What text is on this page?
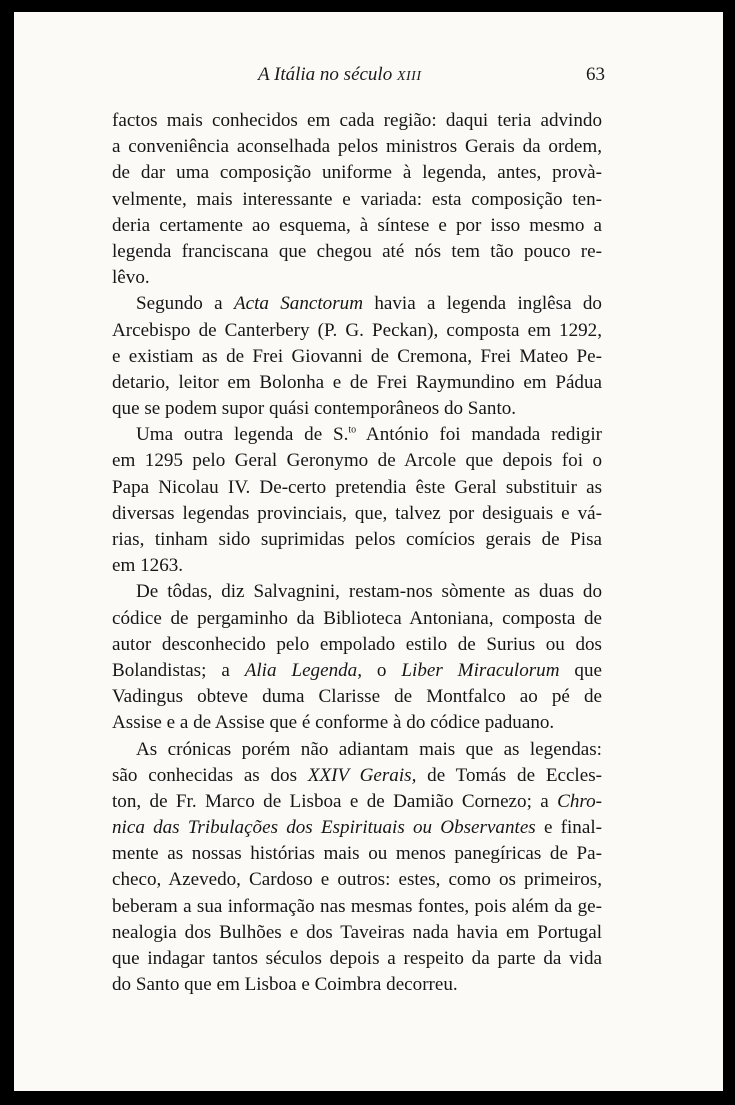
A Itália no século XIII	63
factos mais conhecidos em cada região: daqui teria advindo
a conveniência aconselhada pelos ministros Gerais da ordem,
de dar uma composição uniforme à legenda, antes, provà-
velmente, mais interessante e variada: esta composição ten-
deria certamente ao esquema, à síntese e por isso mesmo a
legenda franciscana que chegou até nós tem tão pouco re-
lêvo.
Segundo a Acta Sanctorum havia a legenda inglêsa do
Arcebispo de Canterbery (P. G. Peckan), composta em 1292,
e existiam as de Frei Giovanni de Cremona, Frei Mateo Pe-
detario, leitor em Bolonha e de Frei Raymundino em Pádua
que se podem supor quási contemporâneos do Santo.
Uma outra legenda de S.$^{to}$ António foi mandada redigir
em 1295 pelo Geral Geronymo de Arcole que depois foi o
Papa Nicolau IV. De-certo pretendia êste Geral substituir as
diversas legendas provinciais, que, talvez por desiguais e vá-
rias, tinham sido suprimidas pelos comícios gerais de Pisa
em 1263.
De tôdas, diz Salvagnini, restam-nos sòmente as duas do
códice de pergaminho da Biblioteca Antoniana, composta de
autor desconhecido pelo empolado estilo de Surius ou dos
Bolandistas; a Alia Legenda, o Liber Miraculorum que
Vadingus obteve duma Clarisse de Montfalco ao pé de
Assise e a de Assise que é conforme à do códice paduano.
As crónicas porém não adiantam mais que as legendas:
são conhecidas as dos XXIV Gerais, de Tomás de Eccles-
ton, de Fr. Marco de Lisboa e de Damião Cornezo; a Chro-
nica das Tribulações dos Espirituais ou Observantes e final-
mente as nossas histórias mais ou menos panegíricas de Pa-
checo, Azevedo, Cardoso e outros: estes, como os primeiros,
beberam a sua informação nas mesmas fontes, pois além da ge-
nealogia dos Bulhões e dos Taveiras nada havia em Portugal
que indagar tantos séculos depois a respeito da parte da vida
do Santo que em Lisboa e Coimbra decorreu.
